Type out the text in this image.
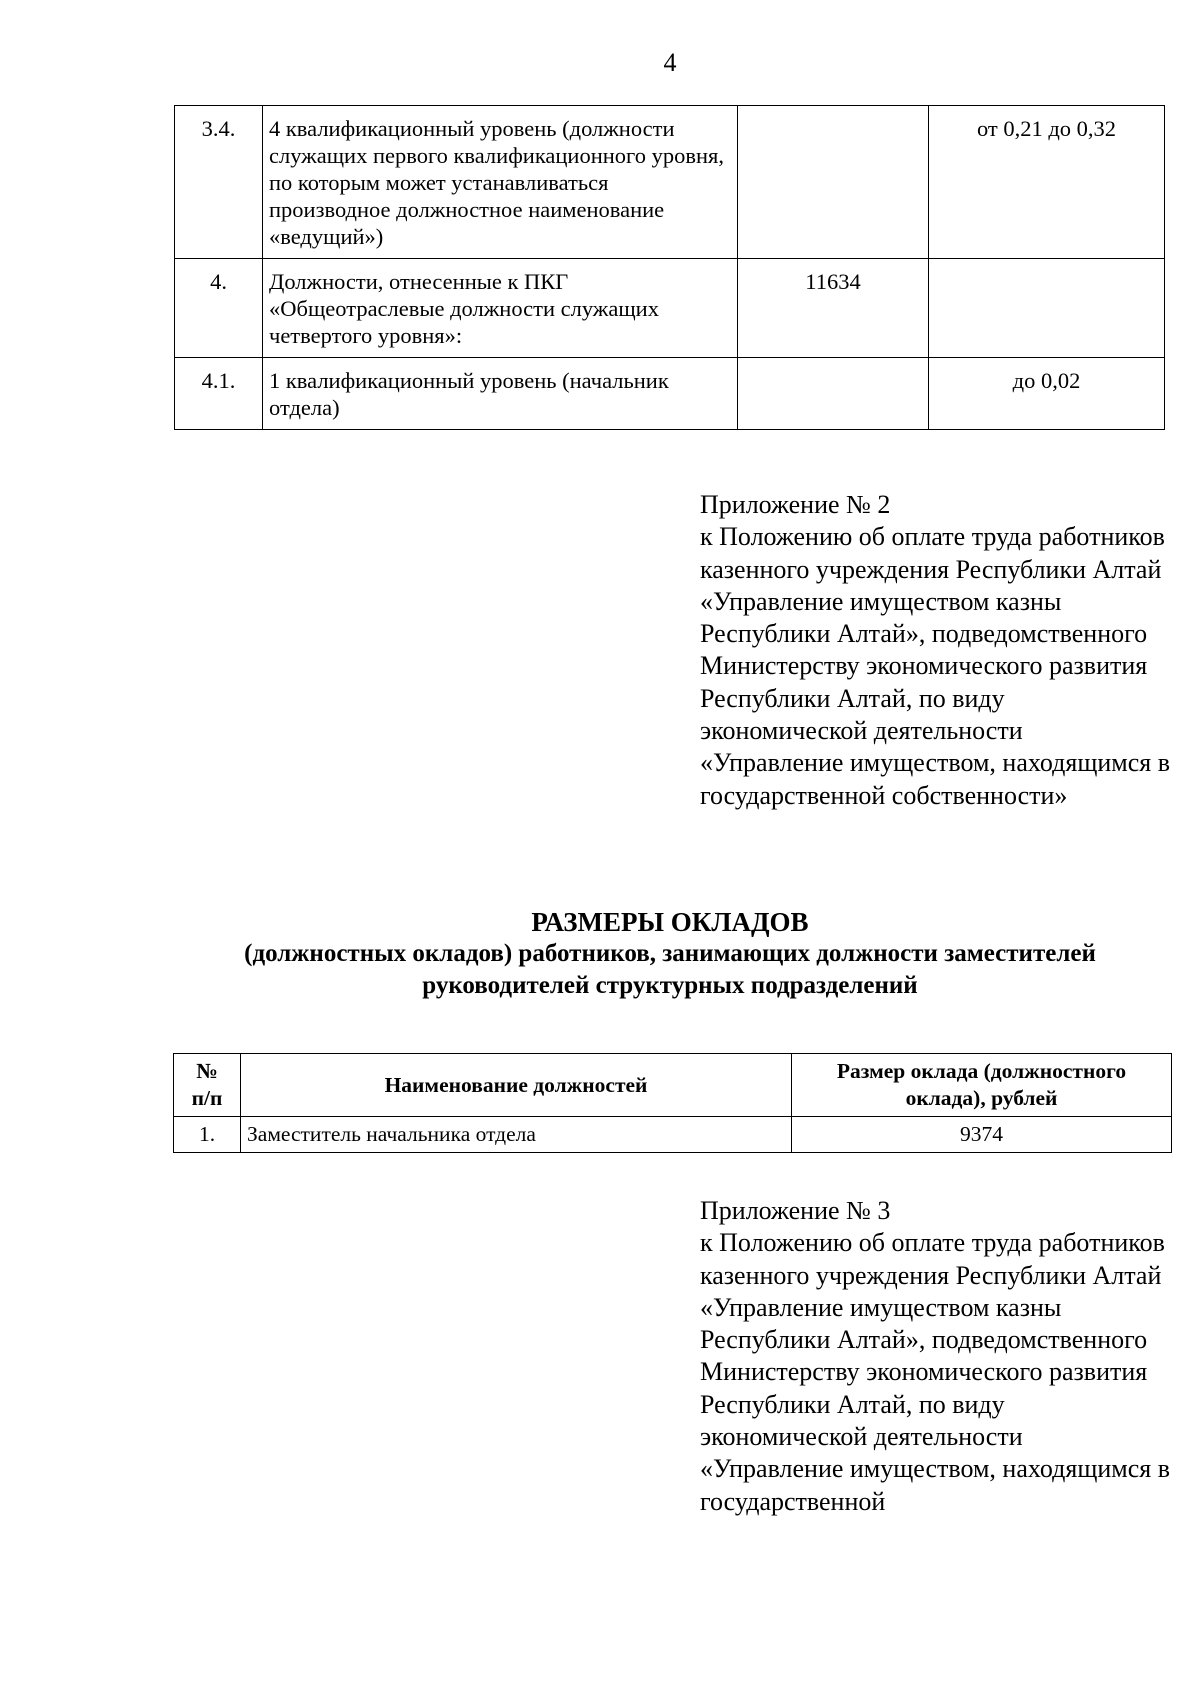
4
3.4.	4 квалификационный уровень (должности служащих первого квалификационного уровня, по которым может устанавливаться производное должностное наименование «ведущий»)		от 0,21 до 0,32
4.	Должности, отнесенные к ПКГ «Общеотраслевые должности служащих четвертого уровня»:	11634	
4.1.	1 квалификационный уровень (начальник отдела)		до 0,02
Приложение № 2
к Положению об оплате труда работников казенного учреждения Республики Алтай «Управление имуществом казны Республики Алтай», подведомственного Министерству экономического развития Республики Алтай, по виду экономической деятельности «Управление имуществом, находящимся в государственной собственности»
РАЗМЕРЫ ОКЛАДОВ
(должностных окладов) работников, занимающих должности заместителей руководителей структурных подразделений
№
п/п	Наименование должностей	Размер оклада (должностного оклада), рублей
1.	Заместитель начальника отдела	9374
Приложение № 3
к Положению об оплате труда работников казенного учреждения Республики Алтай «Управление имуществом казны Республики Алтай», подведомственного Министерству экономического развития Республики Алтай, по виду экономической деятельности «Управление имуществом, находящимся в государственной
